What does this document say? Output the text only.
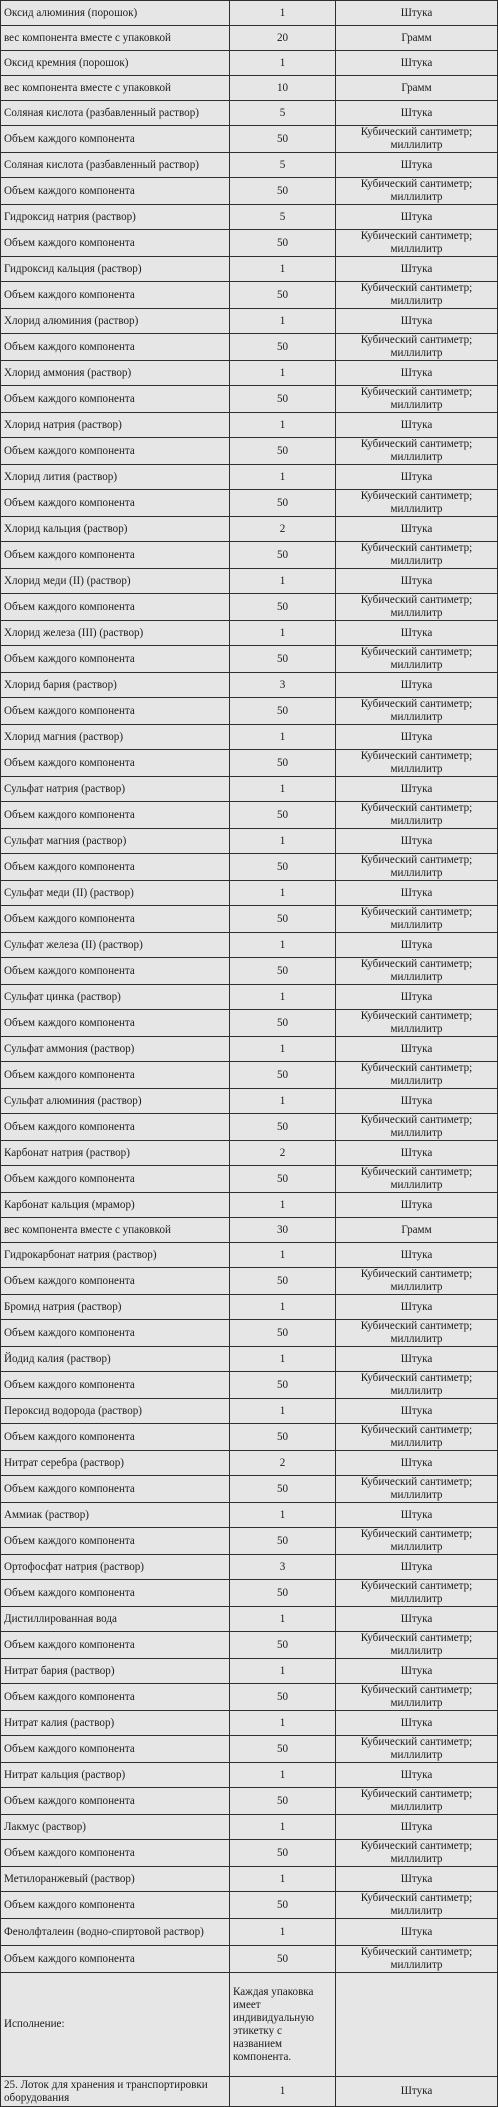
Оксид алюминия (порошок)	1	Штука
вес компонента вместе с упаковкой	20	Грамм
Оксид кремния (порошок)	1	Штука
вес компонента вместе с упаковкой	10	Грамм
Соляная кислота (разбавленный раствор)	5	Штука
Объем каждого компонента	50	Кубический сантиметр; миллилитр
Соляная кислота (разбавленный раствор)	5	Штука
Объем каждого компонента	50	Кубический сантиметр; миллилитр
Гидроксид натрия (раствор)	5	Штука
Объем каждого компонента	50	Кубический сантиметр; миллилитр
Гидроксид кальция (раствор)	1	Штука
Объем каждого компонента	50	Кубический сантиметр; миллилитр
Хлорид алюминия (раствор)	1	Штука
Объем каждого компонента	50	Кубический сантиметр; миллилитр
Хлорид аммония (раствор)	1	Штука
Объем каждого компонента	50	Кубический сантиметр; миллилитр
Хлорид натрия (раствор)	1	Штука
Объем каждого компонента	50	Кубический сантиметр; миллилитр
Хлорид лития (раствор)	1	Штука
Объем каждого компонента	50	Кубический сантиметр; миллилитр
Хлорид кальция (раствор)	2	Штука
Объем каждого компонента	50	Кубический сантиметр; миллилитр
Хлорид меди (II) (раствор)	1	Штука
Объем каждого компонента	50	Кубический сантиметр; миллилитр
Хлорид железа (III) (раствор)	1	Штука
Объем каждого компонента	50	Кубический сантиметр; миллилитр
Хлорид бария (раствор)	3	Штука
Объем каждого компонента	50	Кубический сантиметр; миллилитр
Хлорид магния (раствор)	1	Штука
Объем каждого компонента	50	Кубический сантиметр; миллилитр
Сульфат натрия (раствор)	1	Штука
Объем каждого компонента	50	Кубический сантиметр; миллилитр
Сульфат магния (раствор)	1	Штука
Объем каждого компонента	50	Кубический сантиметр; миллилитр
Сульфат меди (II) (раствор)	1	Штука
Объем каждого компонента	50	Кубический сантиметр; миллилитр
Сульфат железа (II) (раствор)	1	Штука
Объем каждого компонента	50	Кубический сантиметр; миллилитр
Сульфат цинка (раствор)	1	Штука
Объем каждого компонента	50	Кубический сантиметр; миллилитр
Сульфат аммония (раствор)	1	Штука
Объем каждого компонента	50	Кубический сантиметр; миллилитр
Сульфат алюминия (раствор)	1	Штука
Объем каждого компонента	50	Кубический сантиметр; миллилитр
Карбонат натрия (раствор)	2	Штука
Объем каждого компонента	50	Кубический сантиметр; миллилитр
Карбонат кальция (мрамор)	1	Штука
вес компонента вместе с упаковкой	30	Грамм
Гидрокарбонат натрия (раствор)	1	Штука
Объем каждого компонента	50	Кубический сантиметр; миллилитр
Бромид натрия (раствор)	1	Штука
Объем каждого компонента	50	Кубический сантиметр; миллилитр
Йодид калия (раствор)	1	Штука
Объем каждого компонента	50	Кубический сантиметр; миллилитр
Пероксид водорода (раствор)	1	Штука
Объем каждого компонента	50	Кубический сантиметр; миллилитр
Нитрат серебра (раствор)	2	Штука
Объем каждого компонента	50	Кубический сантиметр; миллилитр
Аммиак (раствор)	1	Штука
Объем каждого компонента	50	Кубический сантиметр; миллилитр
Ортофосфат натрия (раствор)	3	Штука
Объем каждого компонента	50	Кубический сантиметр; миллилитр
Дистиллированная вода	1	Штука
Объем каждого компонента	50	Кубический сантиметр; миллилитр
Нитрат бария (раствор)	1	Штука
Объем каждого компонента	50	Кубический сантиметр; миллилитр
Нитрат калия (раствор)	1	Штука
Объем каждого компонента	50	Кубический сантиметр; миллилитр
Нитрат кальция (раствор)	1	Штука
Объем каждого компонента	50	Кубический сантиметр; миллилитр
Лакмус (раствор)	1	Штука
Объем каждого компонента	50	Кубический сантиметр; миллилитр
Метилоранжевый (раствор)	1	Штука
Объем каждого компонента	50	Кубический сантиметр; миллилитр
Фенолфталеин (водно-спиртовой раствор)	1	Штука
Объем каждого компонента	50	Кубический сантиметр; миллилитр
Исполнение:	Каждая упаковка имеет индивидуальную этикетку с названием компонента.	
25. Лоток для хранения и транспортировки оборудования	1	Штука
